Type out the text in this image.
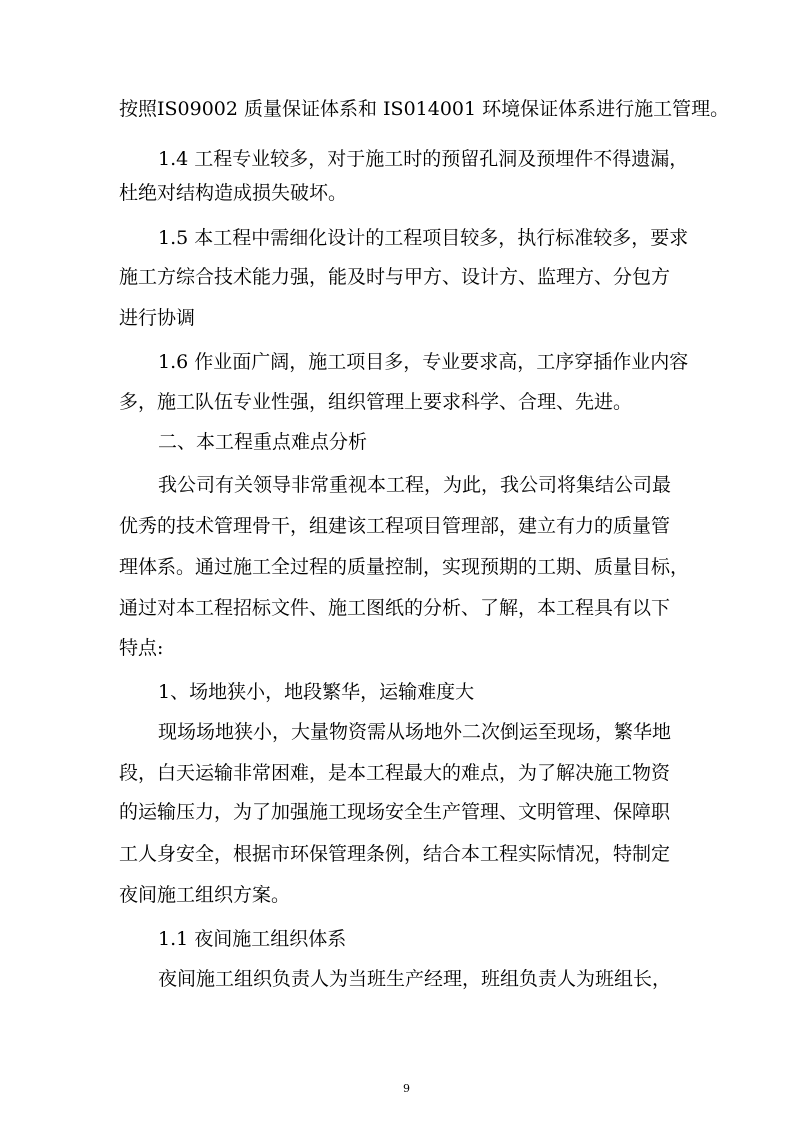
按照IS09002 质量保证体系和 IS014001 环境保证体系进行施工管理。
1.4 工程专业较多，对于施工时的预留孔洞及预埋件不得遗漏，
杜绝对结构造成损失破坏。
1.5 本工程中需细化设计的工程项目较多，执行标准较多，要求
施工方综合技术能力强，能及时与甲方、设计方、监理方、分包方
进行协调
1.6 作业面广阔，施工项目多，专业要求高，工序穿插作业内容
多，施工队伍专业性强，组织管理上要求科学、合理、先进。
二、本工程重点难点分析
我公司有关领导非常重视本工程，为此，我公司将集结公司最
优秀的技术管理骨干，组建该工程项目管理部，建立有力的质量管
理体系。通过施工全过程的质量控制，实现预期的工期、质量目标，
通过对本工程招标文件、施工图纸的分析、了解，本工程具有以下
特点:
1、场地狭小，地段繁华，运输难度大
现场场地狭小，大量物资需从场地外二次倒运至现场，繁华地
段，白天运输非常困难，是本工程最大的难点，为了解决施工物资
的运输压力，为了加强施工现场安全生产管理、文明管理、保障职
工人身安全，根据市环保管理条例，结合本工程实际情况，特制定
夜间施工组织方案。
1.1 夜间施工组织体系
夜间施工组织负责人为当班生产经理，班组负责人为班组长，
9
